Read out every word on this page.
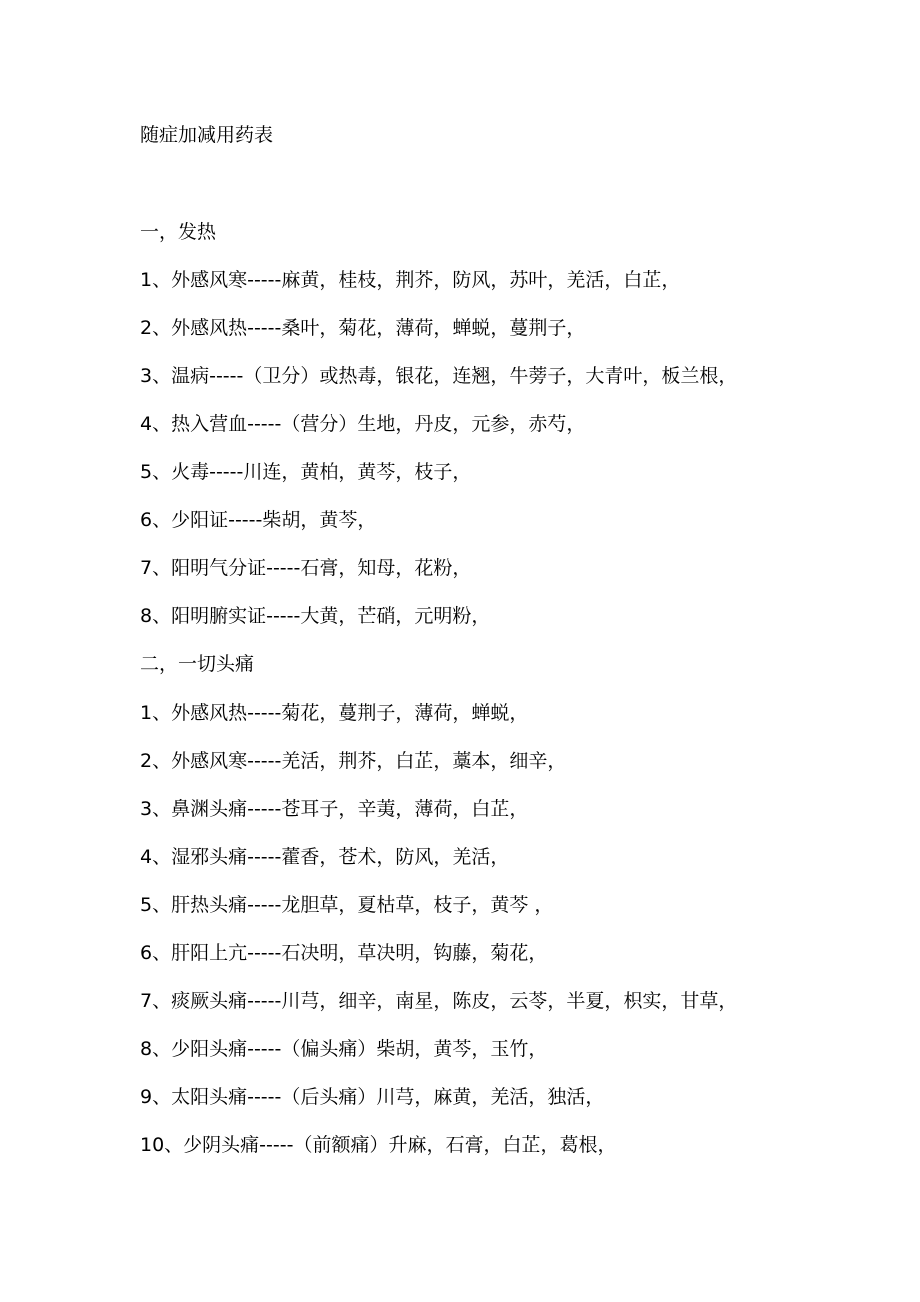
随症加减用药表
一，发热
1、外感风寒-----麻黄，桂枝，荆芥，防风，苏叶，羌活，白芷，
2、外感风热-----桑叶，菊花，薄荷，蝉蜕，蔓荆子，
3、温病-----（卫分）或热毒，银花，连翘，牛蒡子，大青叶，板兰根，
4、热入营血-----（营分）生地，丹皮，元参，赤芍，
5、火毒-----川连，黄柏，黄芩，枝子，
6、少阳证-----柴胡，黄芩，
7、阳明气分证-----石膏，知母，花粉，
8、阳明腑实证-----大黄，芒硝，元明粉，
二，一切头痛
1、外感风热-----菊花，蔓荆子，薄荷，蝉蜕，
2、外感风寒-----羌活，荆芥，白芷，藁本，细辛，
3、鼻渊头痛-----苍耳子，辛荑，薄荷，白芷，
4、湿邪头痛-----藿香，苍术，防风，羌活，
5、肝热头痛-----龙胆草，夏枯草，枝子，黄芩 ，
6、肝阳上亢-----石决明，草决明，钩藤，菊花，
7、痰厥头痛-----川芎，细辛，南星，陈皮，云苓，半夏，枳实，甘草，
8、少阳头痛-----（偏头痛）柴胡，黄芩，玉竹，
9、太阳头痛-----（后头痛）川芎，麻黄，羌活，独活，
10、少阴头痛-----（前额痛）升麻，石膏，白芷，葛根，
